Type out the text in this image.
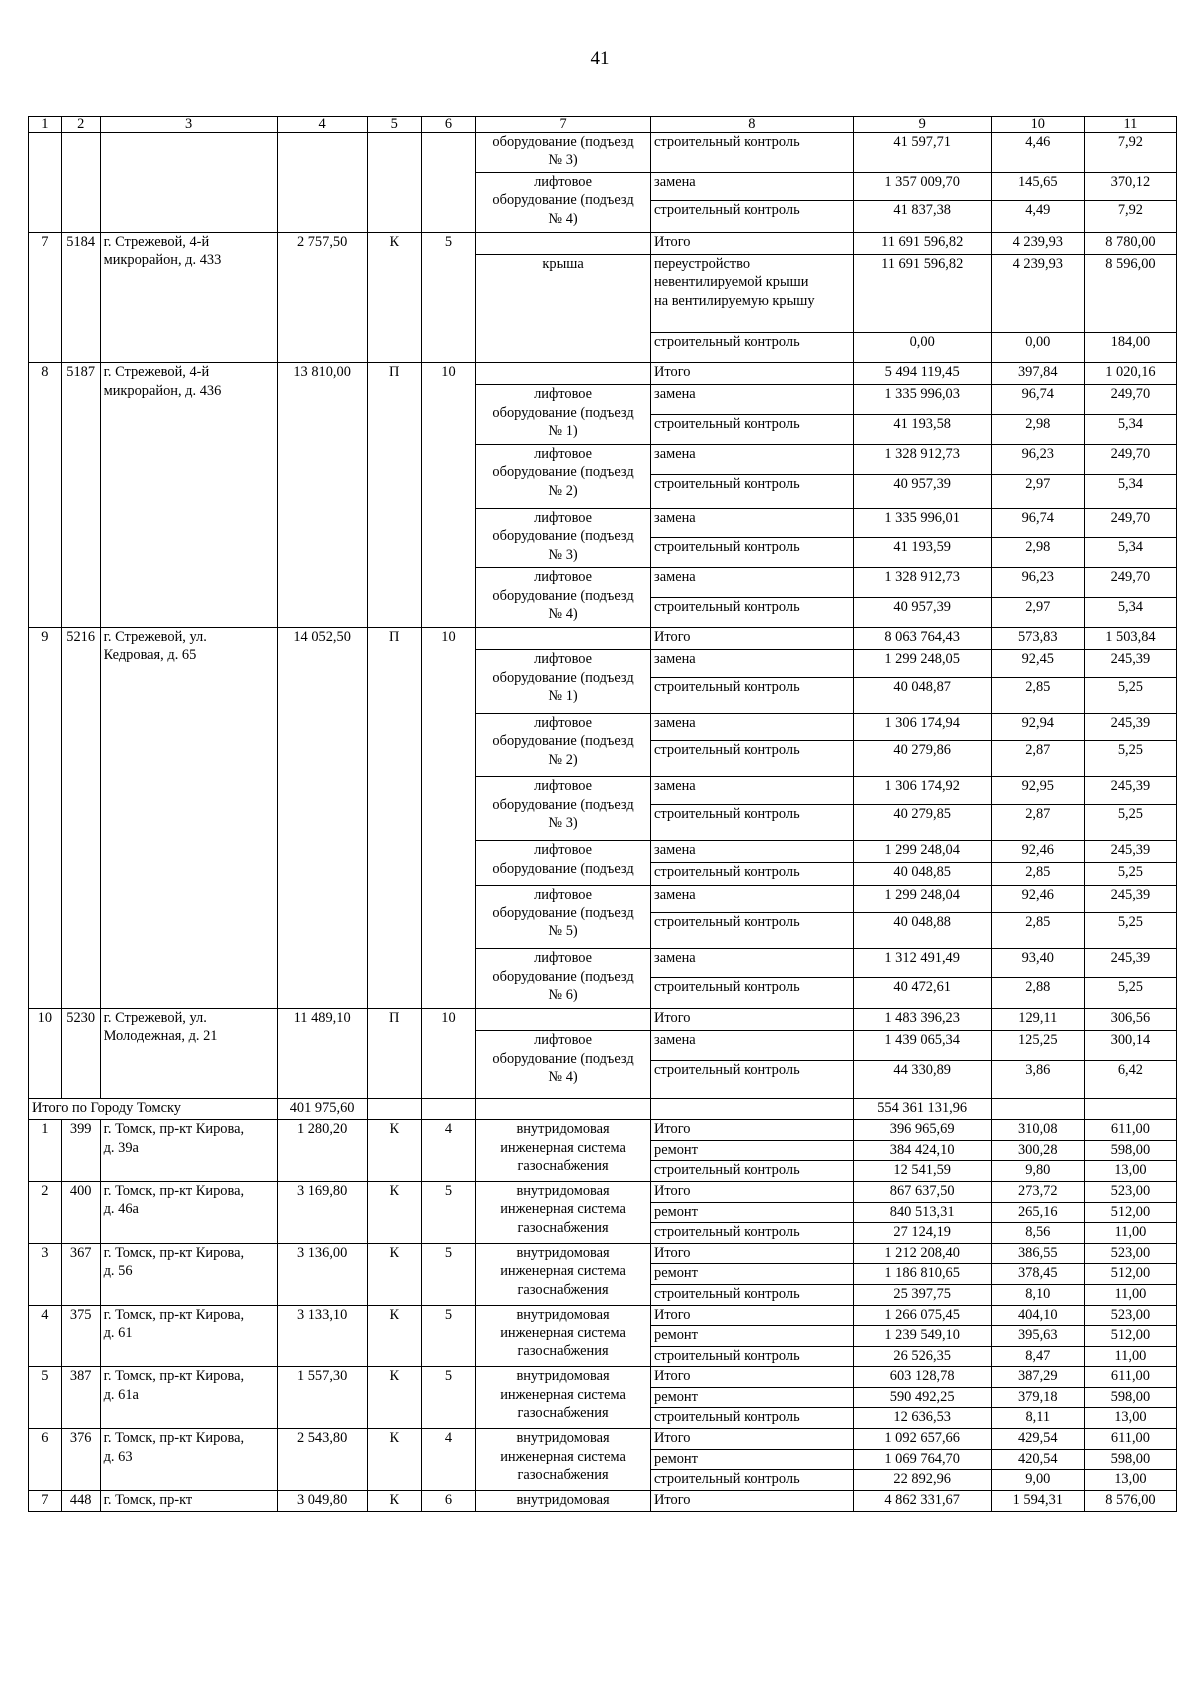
41
1	2	3	4	5	6	7	8	9	10	11
						оборудование (подъезд
№ 3)	строительный контроль	41 597,71	4,46	7,92
						лифтовое
оборудование (подъезд
№ 4)	замена	1 357 009,70	145,65	370,12
							строительный контроль	41 837,38	4,49	7,92
7	5184	г. Стрежевой, 4-й
микрорайон, д. 433	2 757,50	К	5		Итого	11 691 596,82	4 239,93	8 780,00
						крыша	переустройство
невентилируемой крыши
на вентилируемую крышу	11 691 596,82	4 239,93	8 596,00
							строительный контроль	0,00	0,00	184,00
8	5187	г. Стрежевой, 4-й
микрорайон, д. 436	13 810,00	П	10		Итого	5 494 119,45	397,84	1 020,16
						лифтовое
оборудование (подъезд
№ 1)	замена	1 335 996,03	96,74	249,70
							строительный контроль	41 193,58	2,98	5,34
						лифтовое
оборудование (подъезд
№ 2)	замена	1 328 912,73	96,23	249,70
							строительный контроль	40 957,39	2,97	5,34
						лифтовое
оборудование (подъезд
№ 3)	замена	1 335 996,01	96,74	249,70
							строительный контроль	41 193,59	2,98	5,34
						лифтовое
оборудование (подъезд
№ 4)	замена	1 328 912,73	96,23	249,70
							строительный контроль	40 957,39	2,97	5,34
9	5216	г. Стрежевой, ул.
Кедровая, д. 65	14 052,50	П	10		Итого	8 063 764,43	573,83	1 503,84
						лифтовое
оборудование (подъезд
№ 1)	замена	1 299 248,05	92,45	245,39
							строительный контроль	40 048,87	2,85	5,25
						лифтовое
оборудование (подъезд
№ 2)	замена	1 306 174,94	92,94	245,39
							строительный контроль	40 279,86	2,87	5,25
						лифтовое
оборудование (подъезд
№ 3)	замена	1 306 174,92	92,95	245,39
							строительный контроль	40 279,85	2,87	5,25
						лифтовое
оборудование (подъезд	замена	1 299 248,04	92,46	245,39
							строительный контроль	40 048,85	2,85	5,25
						лифтовое
оборудование (подъезд
№ 5)	замена	1 299 248,04	92,46	245,39
							строительный контроль	40 048,88	2,85	5,25
						лифтовое
оборудование (подъезд
№ 6)	замена	1 312 491,49	93,40	245,39
							строительный контроль	40 472,61	2,88	5,25
10	5230	г. Стрежевой, ул.
Молодежная, д. 21	11 489,10	П	10		Итого	1 483 396,23	129,11	306,56
						лифтовое
оборудование (подъезд
№ 4)	замена	1 439 065,34	125,25	300,14
							строительный контроль	44 330,89	3,86	6,42
Итого по Городу Томску			401 975,60					554 361 131,96		
1	399	г. Томск, пр-кт Кирова,
д. 39а	1 280,20	К	4	внутридомовая
инженерная система
газоснабжения	Итого	396 965,69	310,08	611,00
							ремонт	384 424,10	300,28	598,00
							строительный контроль	12 541,59	9,80	13,00
2	400	г. Томск, пр-кт Кирова,
д. 46а	3 169,80	К	5	внутридомовая
инженерная система
газоснабжения	Итого	867 637,50	273,72	523,00
							ремонт	840 513,31	265,16	512,00
							строительный контроль	27 124,19	8,56	11,00
3	367	г. Томск, пр-кт Кирова,
д. 56	3 136,00	К	5	внутридомовая
инженерная система
газоснабжения	Итого	1 212 208,40	386,55	523,00
							ремонт	1 186 810,65	378,45	512,00
							строительный контроль	25 397,75	8,10	11,00
4	375	г. Томск, пр-кт Кирова,
д. 61	3 133,10	К	5	внутридомовая
инженерная система
газоснабжения	Итого	1 266 075,45	404,10	523,00
							ремонт	1 239 549,10	395,63	512,00
							строительный контроль	26 526,35	8,47	11,00
5	387	г. Томск, пр-кт Кирова,
д. 61а	1 557,30	К	5	внутридомовая
инженерная система
газоснабжения	Итого	603 128,78	387,29	611,00
							ремонт	590 492,25	379,18	598,00
							строительный контроль	12 636,53	8,11	13,00
6	376	г. Томск, пр-кт Кирова,
д. 63	2 543,80	К	4	внутридомовая
инженерная система
газоснабжения	Итого	1 092 657,66	429,54	611,00
							ремонт	1 069 764,70	420,54	598,00
							строительный контроль	22 892,96	9,00	13,00
7	448	г. Томск, пр-кт	3 049,80	К	6	внутридомовая	Итого	4 862 331,67	1 594,31	8 576,00
